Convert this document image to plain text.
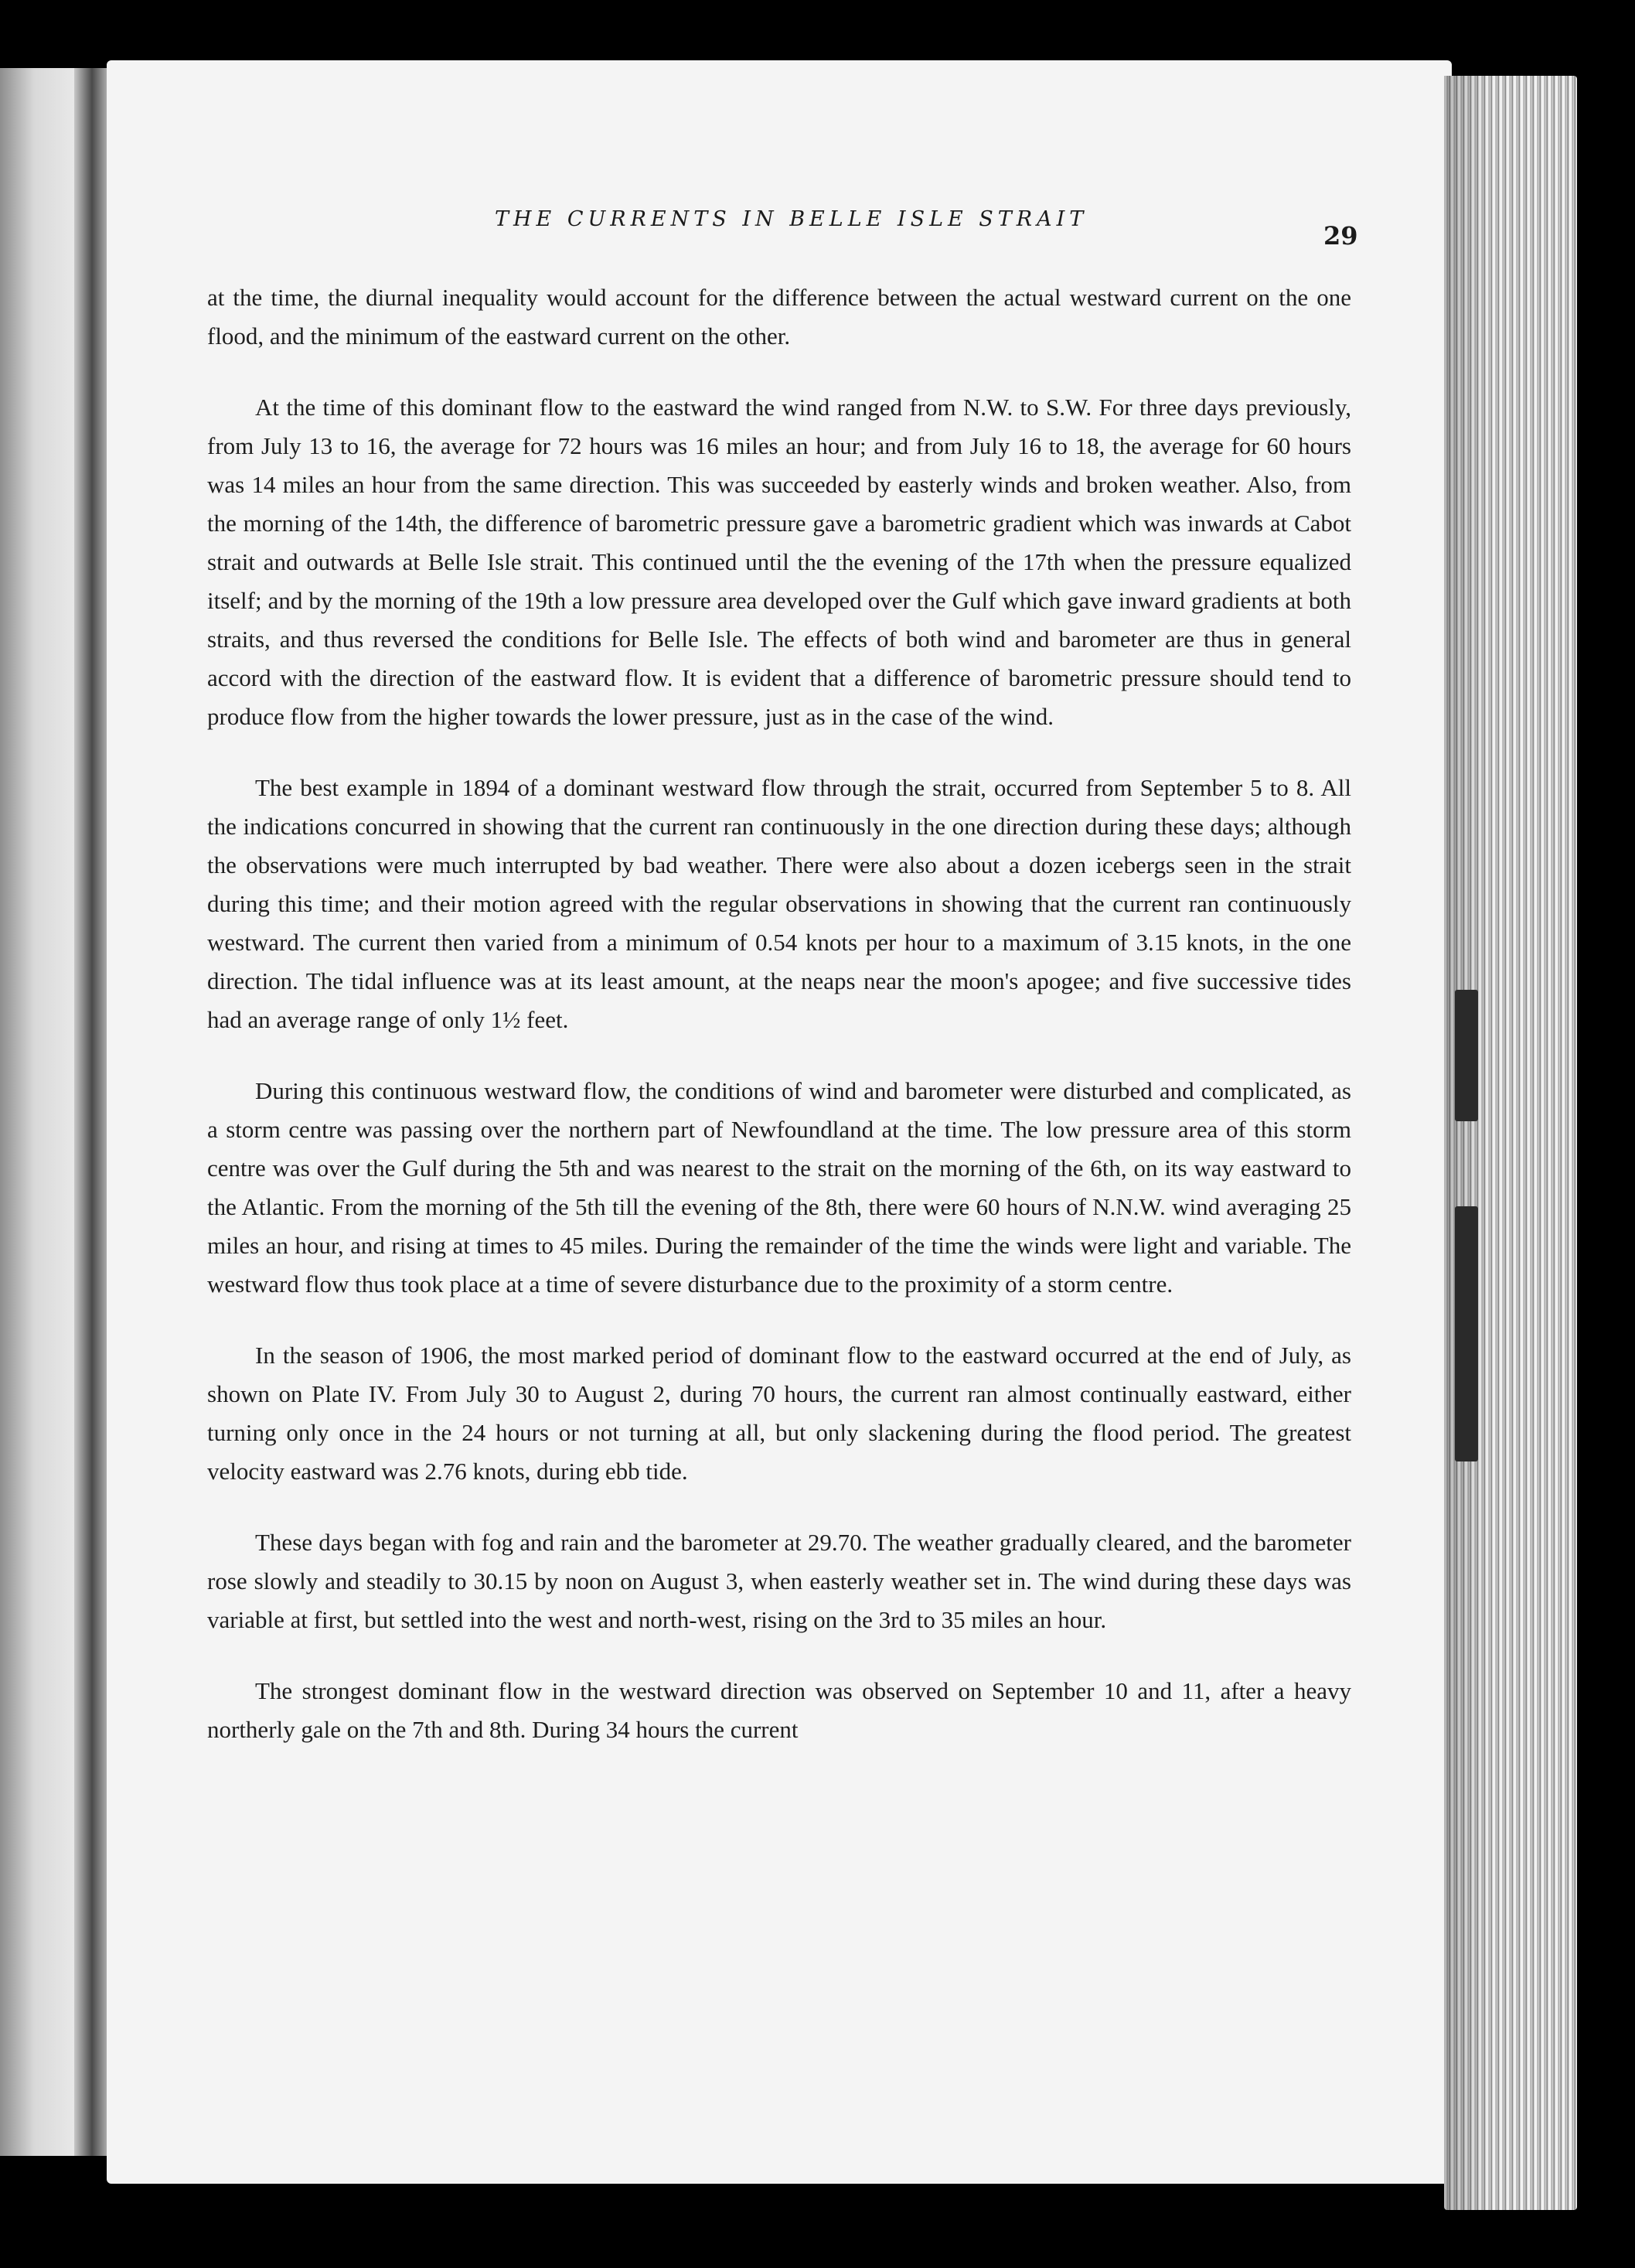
THE CURRENTS IN BELLE ISLE STRAIT
29

at the time, the diurnal inequality would account for the difference between the actual westward current on the one flood, and the minimum of the eastward current on the other.

At the time of this dominant flow to the eastward the wind ranged from N.W. to S.W. For three days previously, from July 13 to 16, the average for 72 hours was 16 miles an hour; and from July 16 to 18, the average for 60 hours was 14 miles an hour from the same direction. This was succeeded by easterly winds and broken weather. Also, from the morning of the 14th, the difference of barometric pressure gave a barometric gradient which was inwards at Cabot strait and outwards at Belle Isle strait. This continued until the the evening of the 17th when the pressure equalized itself; and by the morning of the 19th a low pressure area developed over the Gulf which gave inward gradients at both straits, and thus reversed the conditions for Belle Isle. The effects of both wind and barometer are thus in general accord with the direction of the eastward flow. It is evident that a difference of barometric pressure should tend to produce flow from the higher towards the lower pressure, just as in the case of the wind.

The best example in 1894 of a dominant westward flow through the strait, occurred from September 5 to 8. All the indications concurred in showing that the current ran continuously in the one direction during these days; although the observations were much interrupted by bad weather. There were also about a dozen icebergs seen in the strait during this time; and their motion agreed with the regular observations in showing that the current ran continuously westward. The current then varied from a minimum of 0.54 knots per hour to a maximum of 3.15 knots, in the one direction. The tidal influence was at its least amount, at the neaps near the moon's apogee; and five successive tides had an average range of only 1½ feet.

During this continuous westward flow, the conditions of wind and barometer were disturbed and complicated, as a storm centre was passing over the northern part of Newfoundland at the time. The low pressure area of this storm centre was over the Gulf during the 5th and was nearest to the strait on the morning of the 6th, on its way eastward to the Atlantic. From the morning of the 5th till the evening of the 8th, there were 60 hours of N.N.W. wind averaging 25 miles an hour, and rising at times to 45 miles. During the remainder of the time the winds were light and variable. The westward flow thus took place at a time of severe disturbance due to the proximity of a storm centre.

In the season of 1906, the most marked period of dominant flow to the eastward occurred at the end of July, as shown on Plate IV. From July 30 to August 2, during 70 hours, the current ran almost continually eastward, either turning only once in the 24 hours or not turning at all, but only slackening during the flood period. The greatest velocity eastward was 2.76 knots, during ebb tide.

These days began with fog and rain and the barometer at 29.70. The weather gradually cleared, and the barometer rose slowly and steadily to 30.15 by noon on August 3, when easterly weather set in. The wind during these days was variable at first, but settled into the west and north-west, rising on the 3rd to 35 miles an hour.

The strongest dominant flow in the westward direction was observed on September 10 and 11, after a heavy northerly gale on the 7th and 8th. During 34 hours the current
